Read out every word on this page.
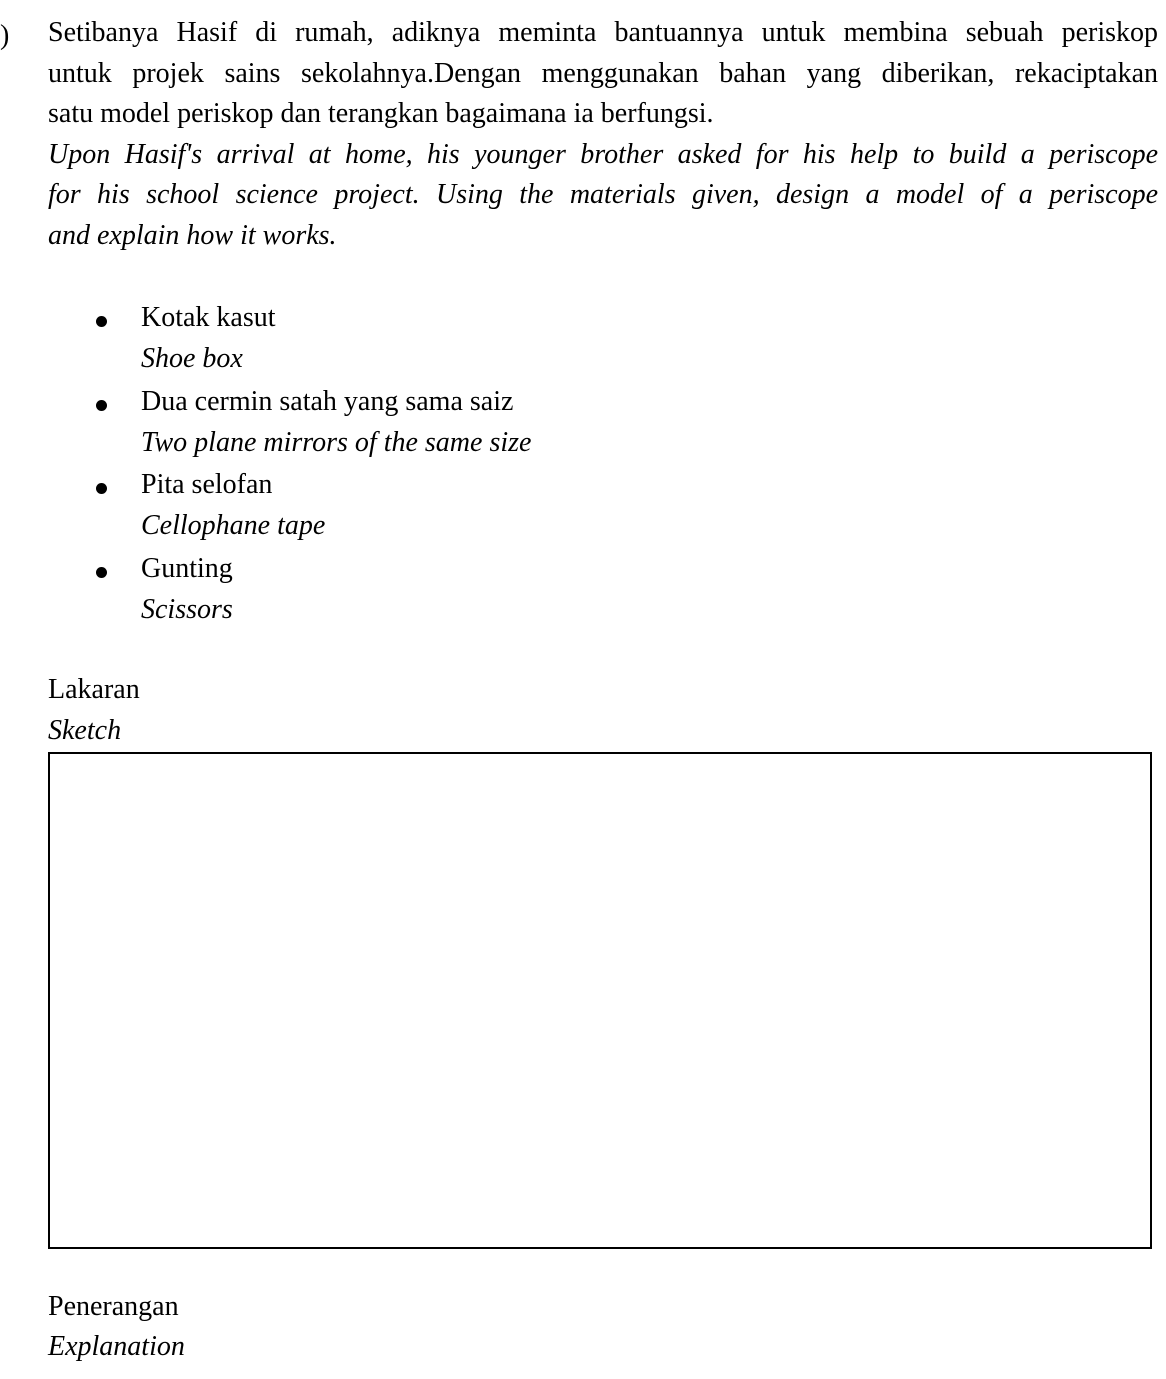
) Setibanya Hasif di rumah, adiknya meminta bantuannya untuk membina sebuah periskop
untuk projek sains sekolahnya.Dengan menggunakan bahan yang diberikan, rekaciptakan
satu model periskop dan terangkan bagaimana ia berfungsi.
Upon Hasif's arrival at home, his younger brother asked for his help to build a periscope
for his school science project. Using the materials given, design a model of a periscope
and explain how it works.
Kotak kasut
Shoe box
Dua cermin satah yang sama saiz
Two plane mirrors of the same size
Pita selofan
Cellophane tape
Gunting
Scissors
Lakaran
Sketch
Penerangan
Explanation
